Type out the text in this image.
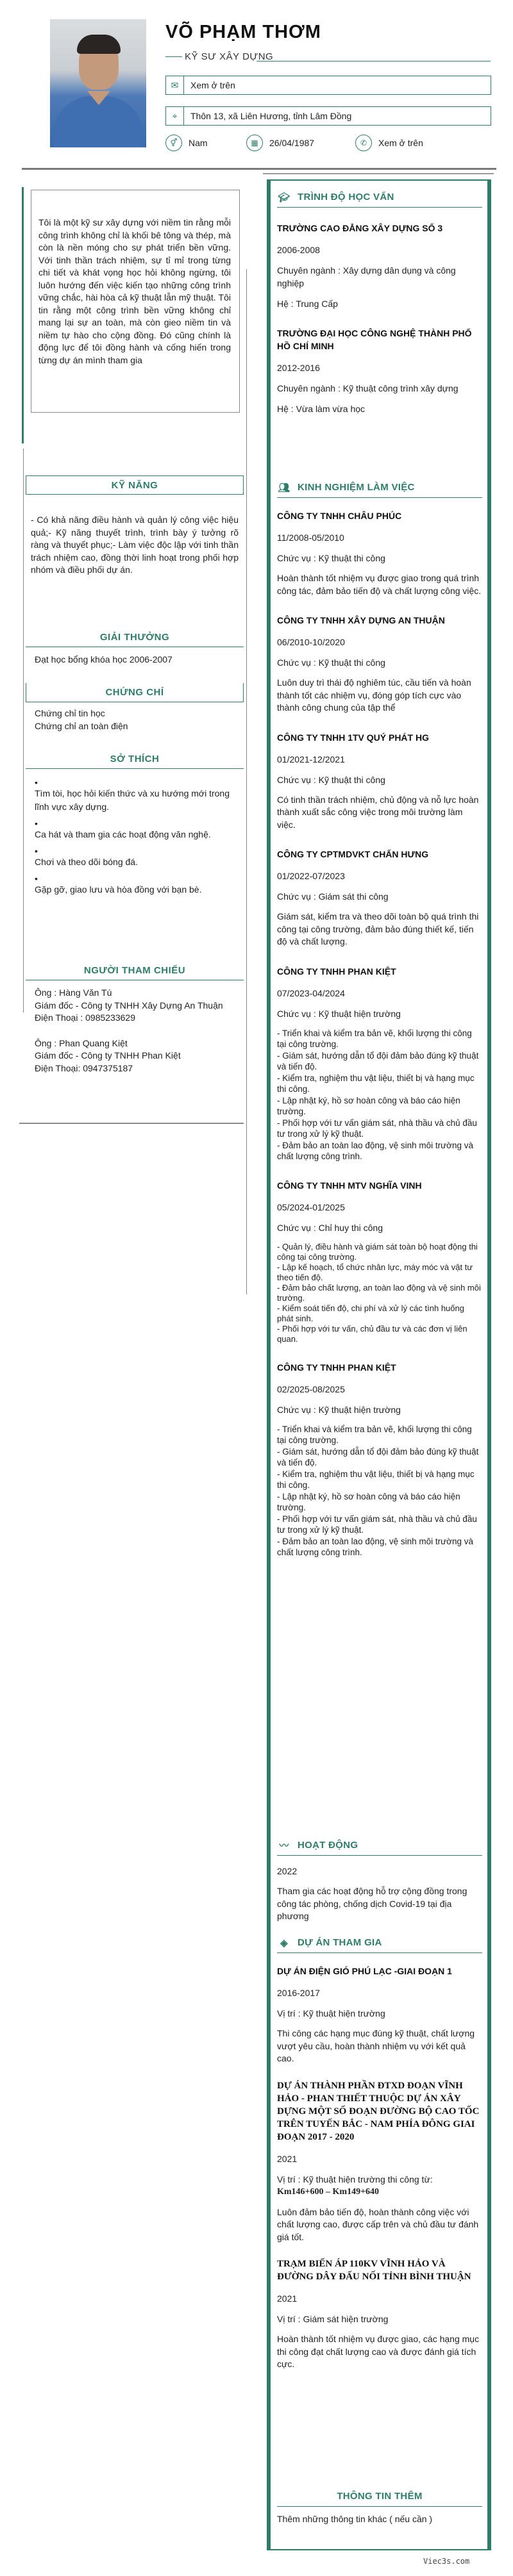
VÕ PHẠM THƠM
KỸ SƯ XÂY DỰNG
✉	Xem ở trên
⌖	Thôn 13, xã Liên Hương, tỉnh Lâm Đồng
⚥	Nam	▦	26/04/1987	✆	Xem ở trên
Tôi là một kỹ sư xây dựng với niềm tin rằng mỗi công trình không chỉ là khối bê tông và thép, mà còn là nền móng cho sự phát triển bền vững. Với tinh thần trách nhiệm, sự tỉ mỉ trong từng chi tiết và khát vọng học hỏi không ngừng, tôi luôn hướng đến việc kiến tạo những công trình vững chắc, hài hòa cả kỹ thuật lẫn mỹ thuật. Tôi tin rằng một công trình bền vững không chỉ mang lại sự an toàn, mà còn gieo niềm tin và niềm tự hào cho cộng đồng. Đó cũng chính là động lực để tôi đồng hành và cống hiến trong từng dự án mình tham gia
KỸ NĂNG
- Có khả năng điều hành và quản lý công việc hiệu quả;- Kỹ năng thuyết trình, trình bày ý tưởng rõ ràng và thuyết phục;- Làm việc độc lập với tinh thần trách nhiệm cao, đồng thời linh hoạt trong phối hợp nhóm và điều phối dự án.
GIẢI THƯỞNG
Đạt học bổng khóa học 2006-2007
CHỨNG CHỈ
Chứng chỉ tin học
Chứng chỉ an toàn điện
SỞ THÍCH
•
Tìm tòi, học hỏi kiến thức và xu hướng mới trong lĩnh vực xây dựng.
•
Ca hát và tham gia các hoạt động văn nghệ.
•
Chơi và theo dõi bóng đá.
•
Gặp gỡ, giao lưu và hòa đồng với bạn bè.
NGƯỜI THAM CHIẾU
Ông : Hàng Văn Tú
Giám đốc - Công ty TNHH Xây Dựng An Thuận
Điện Thoại : 0985233629
Ông : Phan Quang Kiệt
Giám đốc - Công ty TNHH Phan Kiệt
Điện Thoại: 0947375187
🎓︎ TRÌNH ĐỘ HỌC VẤN
TRƯỜNG CAO ĐẲNG XÂY DỰNG SỐ 3
2006-2008
Chuyên ngành : Xây dựng dân dụng và công nghiệp
Hệ : Trung Cấp
TRƯỜNG ĐẠI HỌC CÔNG NGHỆ THÀNH PHỐ HỒ CHÍ MINH
2012-2016
Chuyên ngành : Kỹ thuật công trình xây dựng
Hệ : Vừa làm vừa học
👥︎ KINH NGHIỆM LÀM VIỆC
CÔNG TY TNHH CHÂU PHÚC
11/2008-05/2010
Chức vụ : Kỹ thuật thi công
Hoàn thành tốt nhiệm vụ được giao trong quá trình công tác, đảm bảo tiến độ và chất lượng công việc.
CÔNG TY TNHH XÂY DỰNG AN THUẬN
06/2010-10/2020
Chức vụ : Kỹ thuật thi công
Luôn duy trì thái độ nghiêm túc, cầu tiến và hoàn thành tốt các nhiệm vụ, đóng góp tích cực vào thành công chung của tập thể
CÔNG TY TNHH 1TV QUÝ PHÁT HG
01/2021-12/2021
Chức vụ : Kỹ thuật thi công
Có tinh thần trách nhiệm, chủ động và nỗ lực hoàn thành xuất sắc công việc trong môi trường làm việc.
CÔNG TY CPTMDVKT CHẤN HƯNG
01/2022-07/2023
Chức vụ : Giám sát thi công
Giám sát, kiểm tra và theo dõi toàn bộ quá trình thi công tại công trường, đảm bảo đúng thiết kế, tiến độ và chất lượng.
CÔNG TY TNHH PHAN KIỆT
07/2023-04/2024
Chức vụ : Kỹ thuật hiện trường
- Triển khai và kiểm tra bản vẽ, khối lượng thi công tại công trường.
- Giám sát, hướng dẫn tổ đội đảm bảo đúng kỹ thuật và tiến độ.
- Kiểm tra, nghiệm thu vật liệu, thiết bị và hạng mục thi công.
- Lập nhật ký, hồ sơ hoàn công và báo cáo hiện trường.
- Phối hợp với tư vấn giám sát, nhà thầu và chủ đầu tư trong xử lý kỹ thuật.
- Đảm bảo an toàn lao động, vệ sinh môi trường và chất lượng công trình.
CÔNG TY TNHH MTV NGHĨA VINH
05/2024-01/2025
Chức vụ : Chỉ huy thi công
- Quản lý, điều hành và giám sát toàn bộ hoạt động thi công tại công trường.
- Lập kế hoạch, tổ chức nhân lực, máy móc và vật tư theo tiến độ.
- Đảm bảo chất lượng, an toàn lao động và vệ sinh môi trường.
- Kiểm soát tiến độ, chi phí và xử lý các tình huống phát sinh.
- Phối hợp với tư vấn, chủ đầu tư và các đơn vị liên quan.
CÔNG TY TNHH PHAN KIỆT
02/2025-08/2025
Chức vụ : Kỹ thuật hiện trường
- Triển khai và kiểm tra bản vẽ, khối lượng thi công tại công trường.
- Giám sát, hướng dẫn tổ đội đảm bảo đúng kỹ thuật và tiến độ.
- Kiểm tra, nghiệm thu vật liệu, thiết bị và hạng mục thi công.
- Lập nhật ký, hồ sơ hoàn công và báo cáo hiện trường.
- Phối hợp với tư vấn giám sát, nhà thầu và chủ đầu tư trong xử lý kỹ thuật.
- Đảm bảo an toàn lao động, vệ sinh môi trường và chất lượng công trình.
〰 HOẠT ĐỘNG
2022
Tham gia các hoạt động hỗ trợ cộng đồng trong công tác phòng, chống dịch Covid-19 tại địa phương
◈	DỰ ÁN THAM GIA
DỰ ÁN ĐIỆN GIÓ PHÚ LẠC -GIAI ĐOẠN 1
2016-2017
Vị trí : Kỹ thuật hiện trường
Thi công các hạng mục đúng kỹ thuật, chất lượng vượt yêu cầu, hoàn thành nhiệm vụ với kết quả cao.
DỰ ÁN THÀNH PHẦN ĐTXD ĐOẠN VĨNH HẢO - PHAN THIẾT THUỘC DỰ ÁN XÂY DỰNG MỘT SỐ ĐOẠN ĐƯỜNG BỘ CAO TỐC TRÊN TUYẾN BẮC - NAM PHÍA ĐÔNG GIAI ĐOẠN 2017 - 2020
2021
Vị trí : Kỹ thuật hiện trường thi công từ:
Km146+600 – Km149+640
Luôn đảm bảo tiến độ, hoàn thành công việc với chất lượng cao, được cấp trên và chủ đầu tư đánh giá tốt.
TRẠM BIẾN ÁP 110KV VĨNH HẢO VÀ ĐƯỜNG DÂY ĐẤU NỐI TỈNH BÌNH THUẬN
2021
Vị trí : Giám sát hiện trường
Hoàn thành tốt nhiệm vụ được giao, các hạng mục thi công đạt chất lượng cao và được đánh giá tích cực.
THÔNG TIN THÊM
Thêm những thông tin khác ( nếu cần )
Viec3s.com
